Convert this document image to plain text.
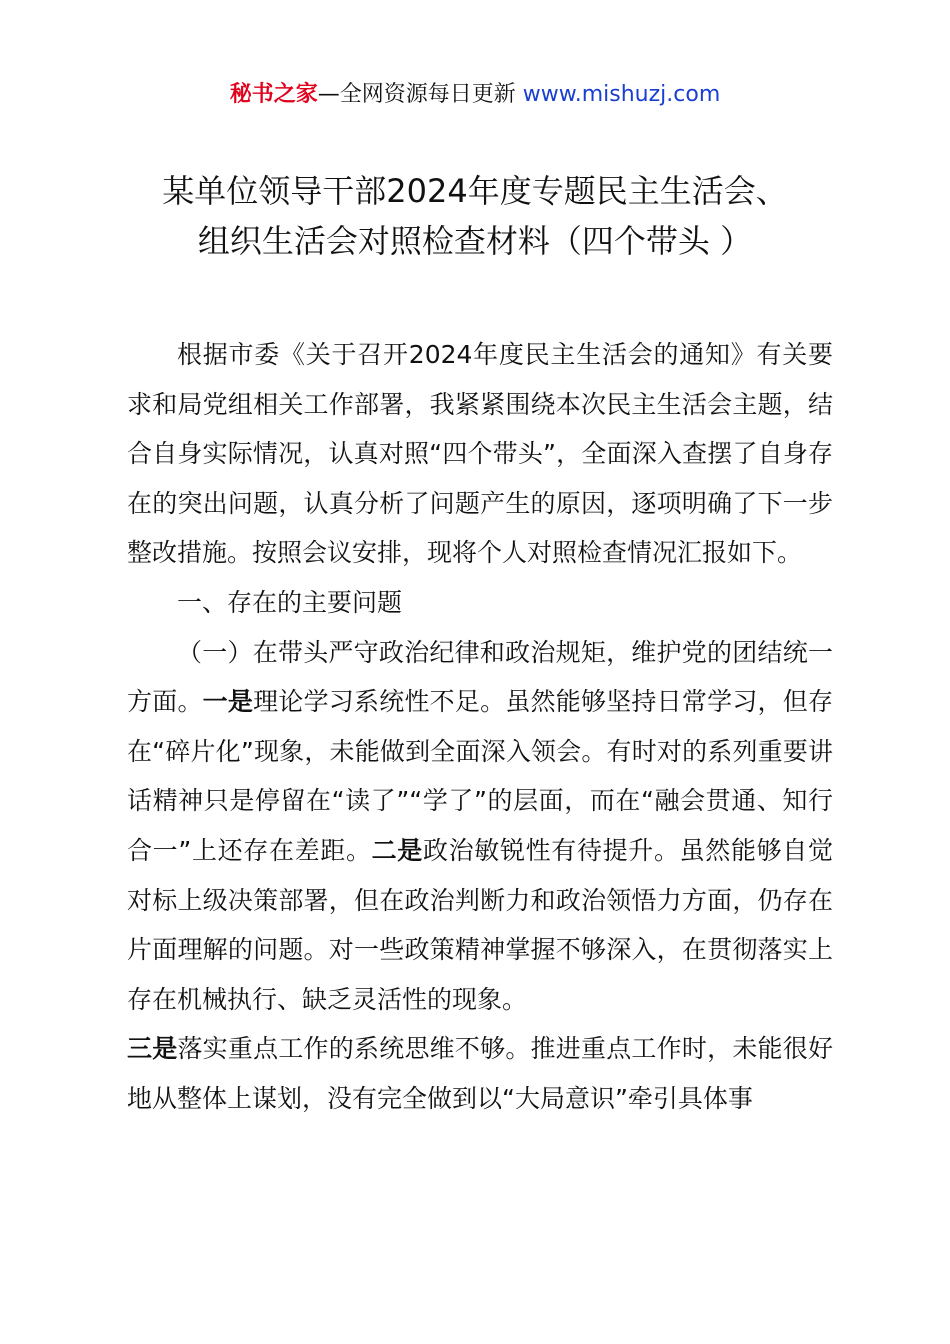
秘书之家—全网资源每日更新 www.mishuzj.com
某单位领导干部2024年度专题民主生活会、
组织生活会对照检查材料（四个带头 ）

根据市委《关于召开2024年度民主生活会的通知》有关要求和局党组相关工作部署，我紧紧围绕本次民主生活会主题，结合自身实际情况，认真对照“四个带头”，全面深入查摆了自身存在的突出问题，认真分析了问题产生的原因，逐项明确了下一步整改措施。按照会议安排，现将个人对照检查情况汇报如下。

一、存在的主要问题

（一）在带头严守政治纪律和政治规矩，维护党的团结统一方面。一是理论学习系统性不足。虽然能够坚持日常学习，但存在“碎片化”现象，未能做到全面深入领会。有时对的系列重要讲话精神只是停留在“读了”“学了”的层面，而在“融会贯通、知行合一”上还存在差距。二是政治敏锐性有待提升。虽然能够自觉对标上级决策部署，但在政治判断力和政治领悟力方面，仍存在片面理解的问题。对一些政策精神掌握不够深入，在贯彻落实上存在机械执行、缺乏灵活性的现象。

三是落实重点工作的系统思维不够。推进重点工作时，未能很好地从整体上谋划，没有完全做到以“大局意识”牵引具体事
